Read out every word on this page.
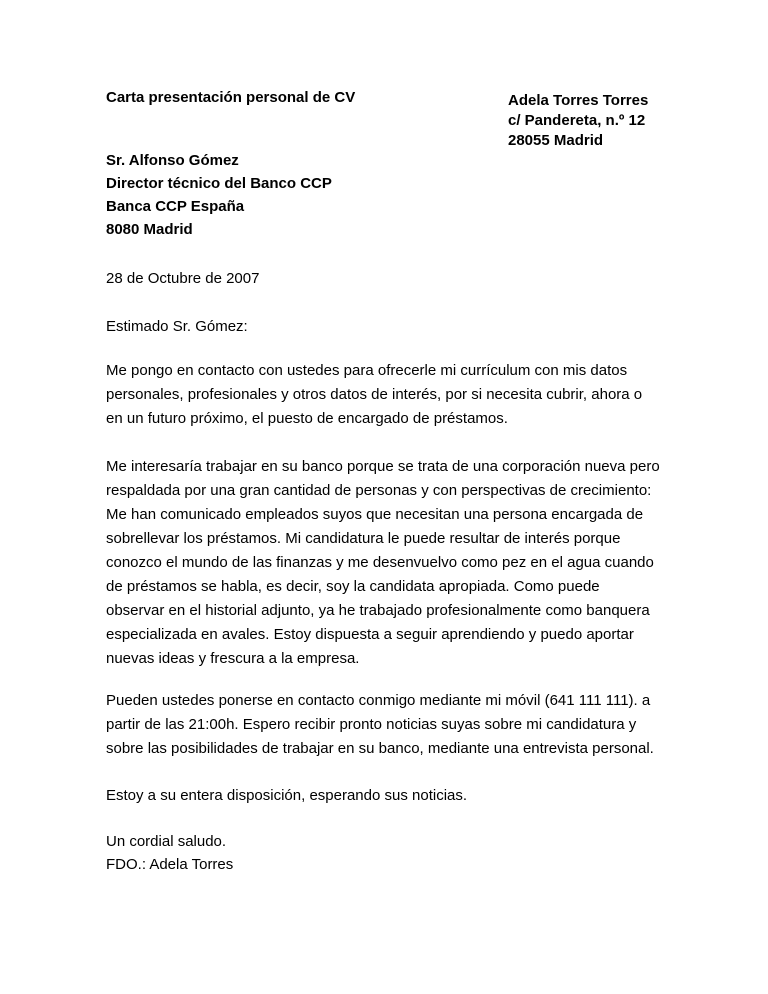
Carta presentación personal de CV	Adela Torres Torres
c/ Pandereta, n.º 12
28055 Madrid
Sr. Alfonso Gómez
Director técnico del Banco CCP
Banca CCP España
8080 Madrid
28 de Octubre de 2007
Estimado Sr. Gómez:

Me pongo en contacto con ustedes para ofrecerle mi currículum con mis datos

personales, profesionales y otros datos de interés, por si necesita cubrir, ahora o

en un futuro próximo, el puesto de encargado de préstamos.

Me interesaría trabajar en su banco porque se trata de una corporación nueva pero

respaldada por una gran cantidad de personas y con perspectivas de crecimiento:

Me han comunicado empleados suyos que necesitan una persona encargada de

sobrellevar los préstamos. Mi candidatura le puede resultar de interés porque

conozco el mundo de las finanzas y me desenvuelvo como pez en el agua cuando

de préstamos se habla, es decir, soy la candidata apropiada. Como puede

observar en el historial adjunto, ya he trabajado profesionalmente como banquera

especializada en avales. Estoy dispuesta a seguir aprendiendo y puedo aportar

nuevas ideas y frescura a la empresa.

Pueden ustedes ponerse en contacto conmigo mediante mi móvil (641 111 111). a

partir de las 21:00h. Espero recibir pronto noticias suyas sobre mi candidatura y

sobre las posibilidades de trabajar en su banco, mediante una entrevista personal.

Estoy a su entera disposición, esperando sus noticias.
Un cordial saludo.
FDO.: Adela Torres
